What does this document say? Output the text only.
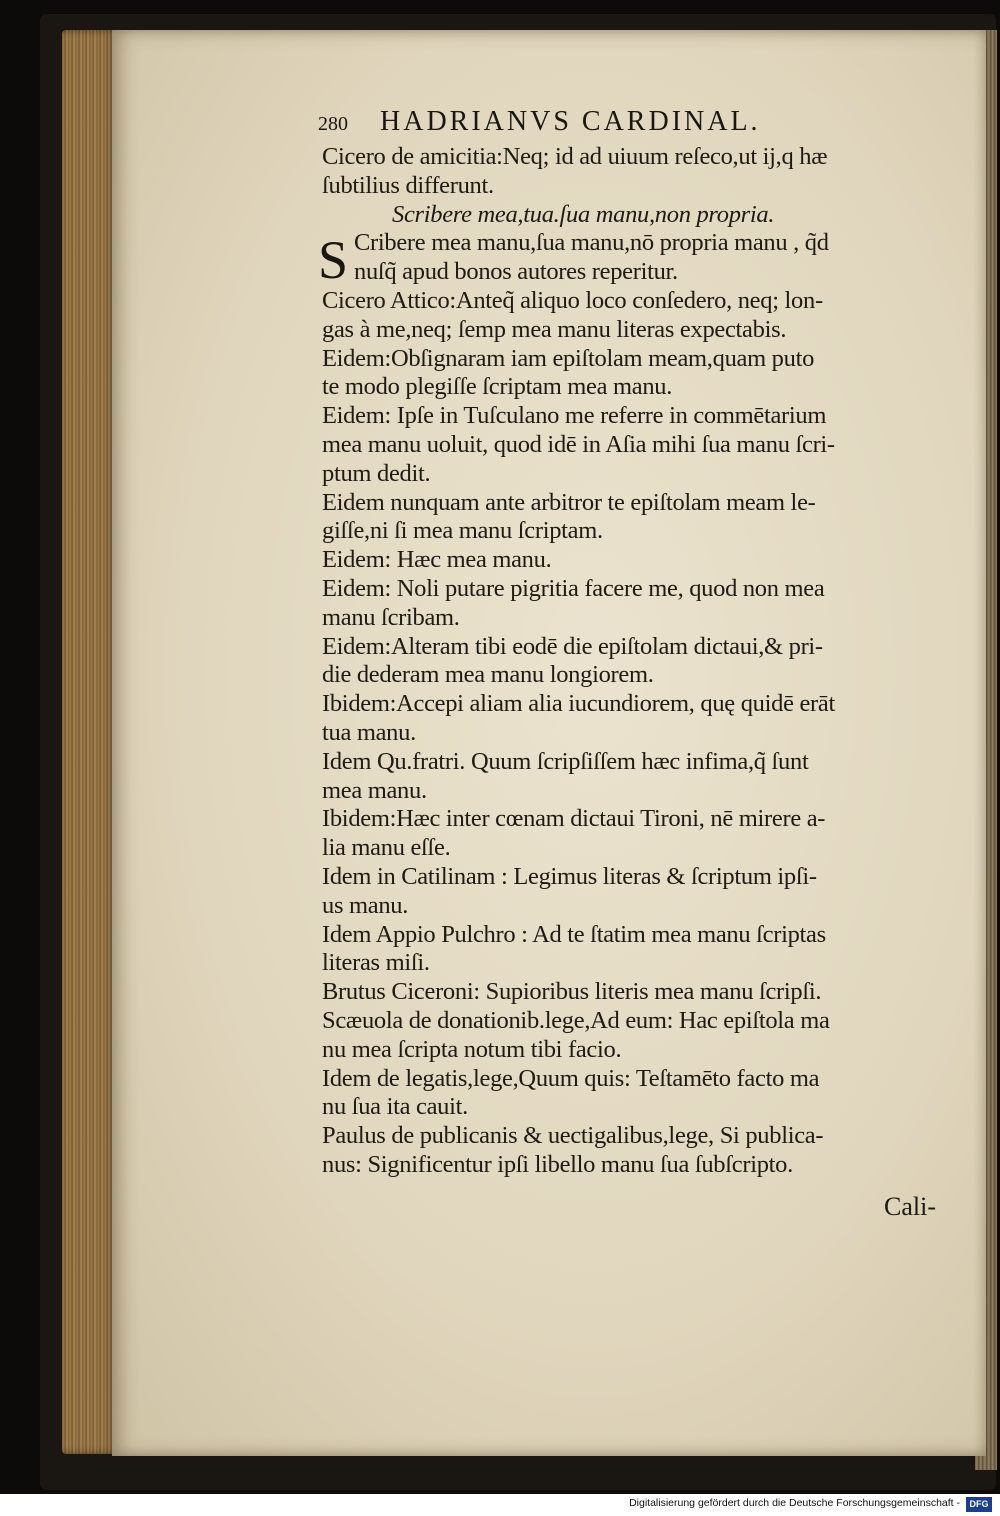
280 HADRIANVS CARDINAL.
Cicero de amicitia:Neq; id ad uiuum reſeco,ut ij,q hæ
ſubtilius differunt.
Scribere mea,tua.ſua manu,non propria.
S Cribere mea manu,ſua manu,nō propria manu , q̃d
nuſq̃ apud bonos autores reperitur.
Cicero Attico:Anteq̃ aliquo loco conſedero, neq; lon-
gas à me,neq; ſemp mea manu literas expectabis.
Eidem:Obſignaram iam epiſtolam meam,quam puto
te modo plegiſſe ſcriptam mea manu.
Eidem: Ipſe in Tuſculano me referre in commētarium
mea manu uoluit, quod idē in Aſia mihi ſua manu ſcri-
ptum dedit.
Eidem nunquam ante arbitror te epiſtolam meam le-
giſſe,ni ſi mea manu ſcriptam.
Eidem: Hæc mea manu.
Eidem: Noli putare pigritia facere me, quod non mea
manu ſcribam.
Eidem:Alteram tibi eodē die epiſtolam dictaui,& pri-
die dederam mea manu longiorem.
Ibidem:Accepi aliam alia iucundiorem, quę quidē erāt
tua manu.
Idem Qu.fratri. Quum ſcripſiſſem hæc infima,q̃ ſunt
mea manu.
Ibidem:Hæc inter cœnam dictaui Tironi, nē mirere a-
lia manu eſſe.
Idem in Catilinam : Legimus literas & ſcriptum ipſi-
us manu.
Idem Appio Pulchro : Ad te ſtatim mea manu ſcriptas
literas miſi.
Brutus Ciceroni: Supioribus literis mea manu ſcripſi.
Scæuola de donationib.lege,Ad eum: Hac epiſtola ma
nu mea ſcripta notum tibi facio.
Idem de legatis,lege,Quum quis: Teſtamēto facto ma
nu ſua ita cauit.
Paulus de publicanis & uectigalibus,lege, Si publica-
nus: Significentur ipſi libello manu ſua ſubſcripto.
Cali-
Digitalisierung gefördert durch die Deutsche Forschungsgemeinschaft -	DFG
